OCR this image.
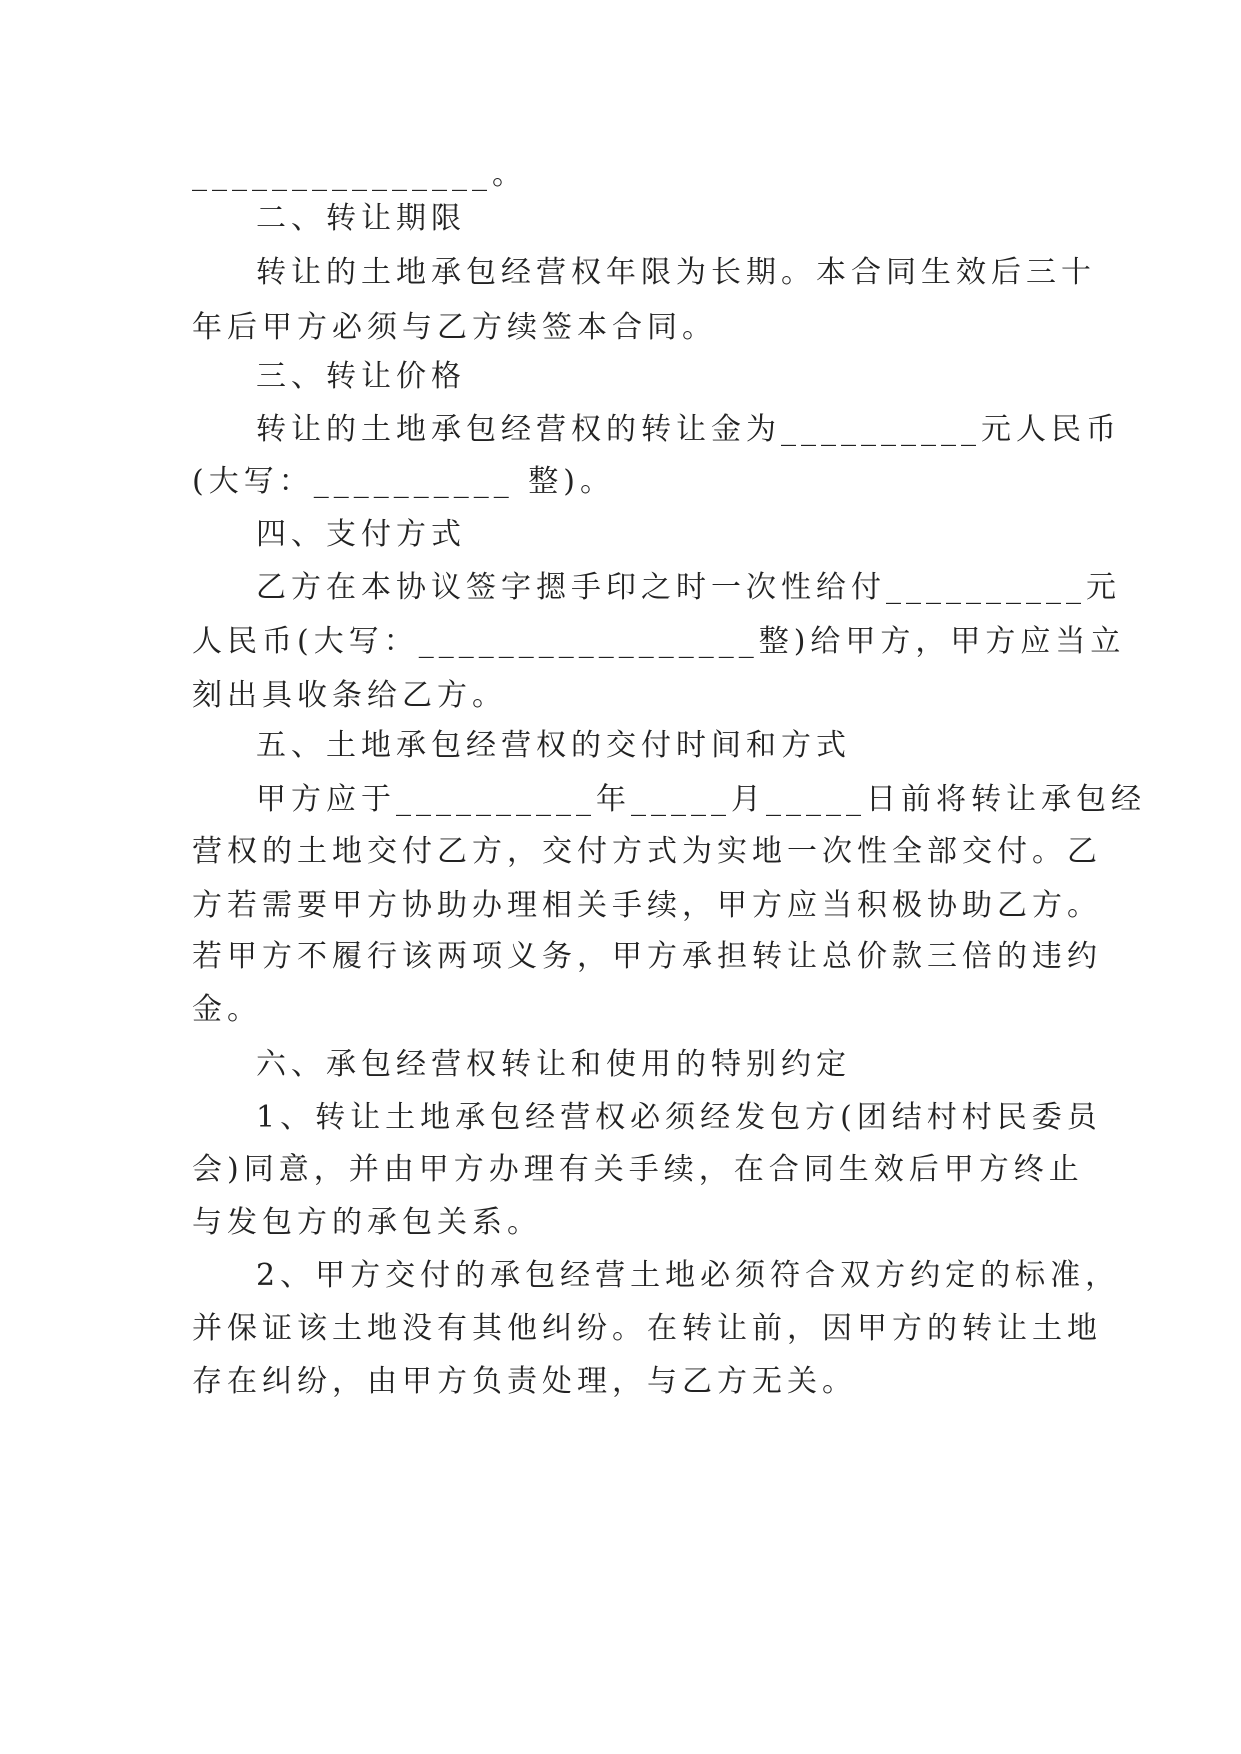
_______________。
二、转让期限
转让的土地承包经营权年限为长期。本合同生效后三十
年后甲方必须与乙方续签本合同。
三、转让价格
转让的土地承包经营权的转让金为__________元人民币
(大写：__________ 整)。
四、支付方式
乙方在本协议签字摁手印之时一次性给付__________元
人民币(大写：_________________整)给甲方，甲方应当立
刻出具收条给乙方。
五、土地承包经营权的交付时间和方式
甲方应于__________年_____月_____日前将转让承包经
营权的土地交付乙方，交付方式为实地一次性全部交付。乙
方若需要甲方协助办理相关手续，甲方应当积极协助乙方。
若甲方不履行该两项义务，甲方承担转让总价款三倍的违约
金。
六、承包经营权转让和使用的特别约定
1、转让土地承包经营权必须经发包方(团结村村民委员
会)同意，并由甲方办理有关手续，在合同生效后甲方终止
与发包方的承包关系。
2、甲方交付的承包经营土地必须符合双方约定的标准，
并保证该土地没有其他纠纷。在转让前，因甲方的转让土地
存在纠纷，由甲方负责处理，与乙方无关。
